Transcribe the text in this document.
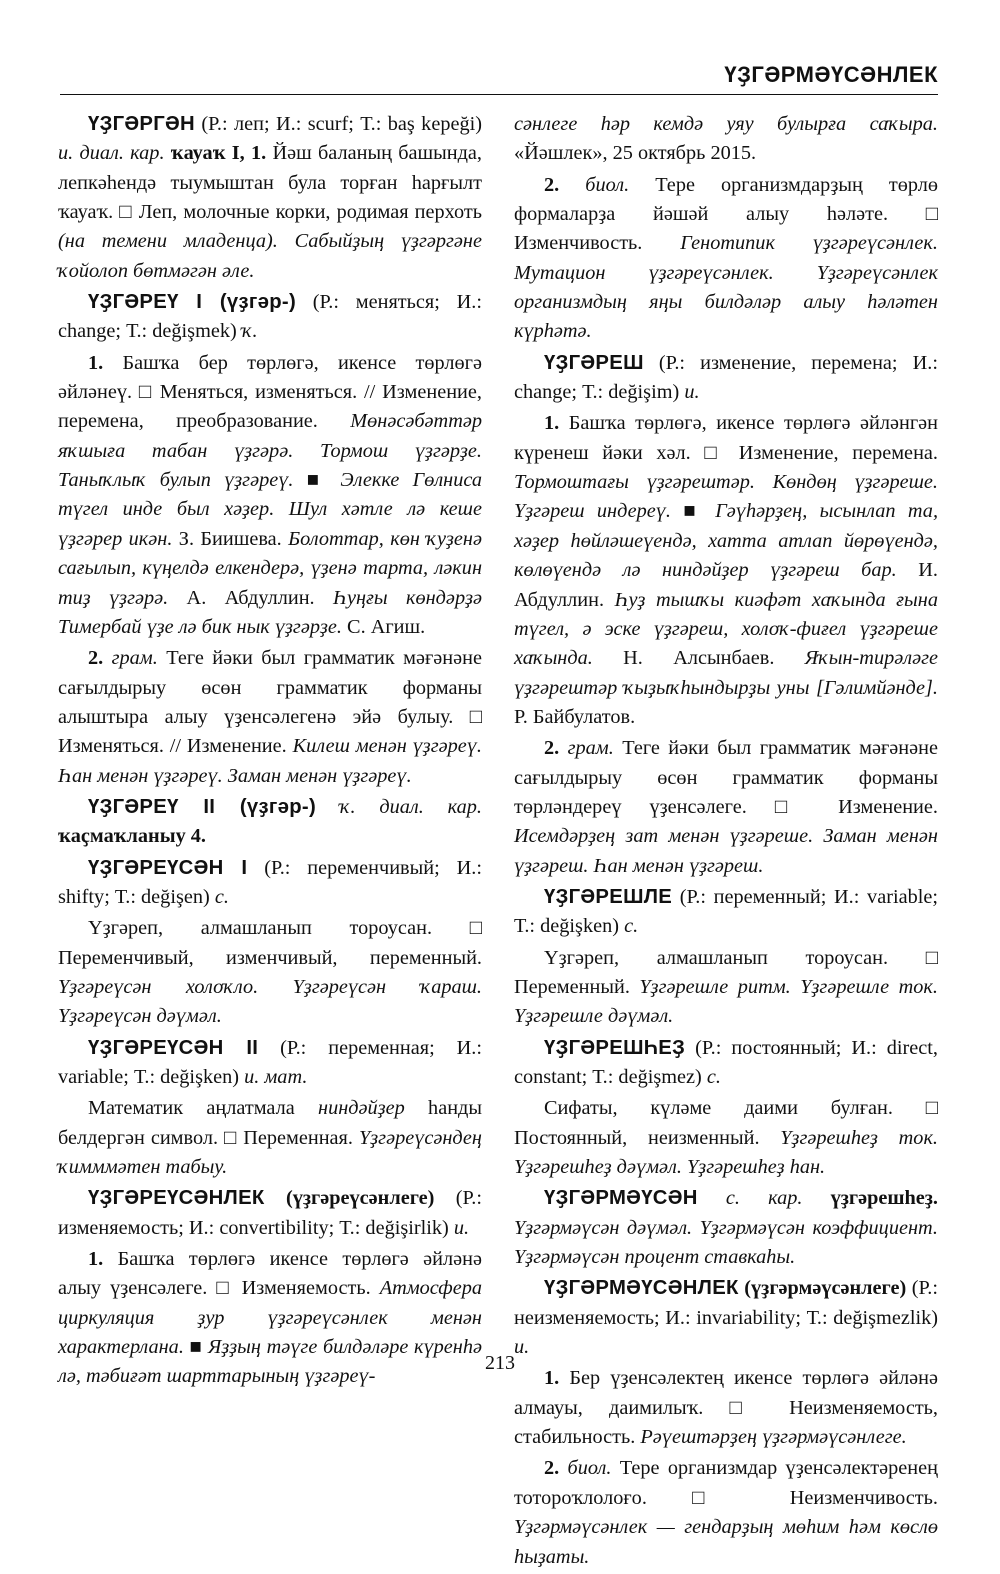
ҮҘГӘРМӘҮСӘНЛЕК

ҮҘГӘРГӘН (Р.: леп; И.: scurf; Т.: baş kepeği) и. диал. кар. ҡауаҡ I, 1. Йәш баланың башында, лепкәһендә тыумыштан була торған һарғылт ҡауаҡ. □ Леп, молочные корки, родимая перхоть (на темени младенца). Сабыйҙың үҙгәргәне ҡойолоп бөтмәгән әле.

ҮҘГӘРЕҮ I (үҙгәр-) (Р.: меняться; И.: change; Т.: değişmek) ҡ.

1. Башҡа бер төрлөгә, икенсе төрлөгә әйләнеү. □ Меняться, изменяться. // Изменение, перемена, преобразование. Мөнәсәбәттәр яҡшыға табан үҙгәрә. Тормош үҙгәрҙе. Таныҡлыҡ булып үҙгәреү. ■ Элекке Гөлниса түгел инде был хәҙер. Шул хәтле лә кеше үҙгәрер икән. З. Биишева. Болоттар, көн ҡуҙенә сағылып, күңелдә елкендерә, үҙенә тарта, ләкин тиҙ үҙгәрә. А. Абдуллин. Һуңғы көндәрҙә Тимербай үҙе лә бик нык үҙгәрҙе. С. Агиш.

2. грам. Теге йәки был грамматик мәғәнәне сағылдырыу өсөн грамматик форманы алыштыра алыу үҙенсәлегенә эйә булыу. □ Изменяться. // Изменение. Килеш менән үҙгәреү. Һан менән үҙгәреү. Заман менән үҙгәреү.

ҮҘГӘРЕҮ II (үҙгәр-) ҡ. диал. кар. ҡаҫмаҡланыу 4.

ҮҘГӘРЕҮСӘН I (Р.: переменчивый; И.: shifty; Т.: değişen) с.

Үҙгәреп, алмашланып тороусан. □ Переменчивый, изменчивый, переменный. Үҙгәреүсән холоҡло. Үҙгәреүсән ҡараш. Үҙгәреүсән дәүмәл.

ҮҘГӘРЕҮСӘН II (Р.: переменная; И.: variable; Т.: değişken) и. мат.

Математик аңлатмала ниндәйҙер һанды белдергән символ. □ Переменная. Үҙгәреүсәндең ҡимммәтен табыу.

ҮҘГӘРЕҮСӘНЛЕК (үҙгәреүсәнлеге) (Р.: изменяемость; И.: convertibility; Т.: değişirlik) и.

1. Башҡа төрлөгә икенсе төрлөгә әйләнә алыу үҙенсәлеге. □ Изменяемость. Атмосфера циркуляция ҙур үҙгәреүсәнлек менән характерлана. ■ Яҙҙың тәүге билдәләре күренһә лә, тәбиғәт шарттарының үҙгәреү-

сәнлеге һәр кемдә уяу булырға саҡыра. «Йәшлек», 25 октябрь 2015.

2. биол. Тере организмдарҙың төрлө формаларҙа йәшәй алыу һәләте. □ Изменчивость. Генотипик үҙгәреүсәнлек. Мутацион үҙгәреүсәнлек. Үҙгәреүсәнлек организмдың яңы билдәләр алыу һәләтен күрһәтә.

ҮҘГӘРЕШ (Р.: изменение, перемена; И.: change; Т.: değişim) и.

1. Башҡа төрлөгә, икенсе төрлөгә әйләнгән күренеш йәки хәл. □ Изменение, перемена. Тормоштағы үҙгәрештәр. Көндөң үҙгәреше. Үҙгәреш индереү. ■ Гәүһәрҙең, ысынлап та, хәҙер һөйләшеүендә, хатта атлап йөрөүендә, көлөүендә лә ниндәйҙер үҙгәреш бар. И. Абдуллин. Һуҙ тышҡы киәфәт хаҡында ғына түгел, ә эске үҙгәреш, холоҡ-фиғел үҙгәреше хаҡында. Н. Алсынбаев. Яҡын-тирәләге үҙгәрештәр ҡыҙыҡһындырҙы уны [Гәлимйәнде]. Р. Байбулатов.

2. грам. Теге йәки был грамматик мәғәнәне сағылдырыу өсөн грамматик форманы төрләндереү үҙенсәлеге. □ Изменение. Исемдәрҙең зат менән үҙгәреше. Заман менән үҙгәреш. Һан менән үҙгәреш.

ҮҘГӘРЕШЛЕ (Р.: переменный; И.: variable; Т.: değişken) с.

Үҙгәреп, алмашланып тороусан. □ Переменный. Үҙгәрешле ритм. Үҙгәрешле ток. Үҙгәрешле дәүмәл.

ҮҘГӘРЕШҺЕҘ (Р.: постоянный; И.: direct, constant; Т.: değişmez) с.

Сифаты, күләме даими булған. □ Постоянный, неизменный. Үҙгәрешһеҙ ток. Үҙгәрешһеҙ дәүмәл. Үҙгәрешһеҙ һан.

ҮҘГӘРМӘҮСӘН с. кар. үҙгәрешһеҙ. Үҙгәрмәүсән дәүмәл. Үҙгәрмәүсән коэффициент. Үҙгәрмәүсән процент ставкаһы.

ҮҘГӘРМӘҮСӘНЛЕК (үҙгәрмәүсәнлеге) (Р.: неизменяемость; И.: invariability; Т.: değişmezlik) и.

1. Бер үҙенсәлектең икенсе төрлөгә әйләнә алмауы, даимилыҡ. □ Неизменяемость, стабильность. Рәүештәрҙең үҙгәрмәүсәнлеге.

2. биол. Тере организмдар үҙенсәлектәренең тотороҡлолоғо. □ Неизменчивость. Үҙгәрмәүсәнлек — гендарҙың мөһим һәм көслө һыҙаты.

213
